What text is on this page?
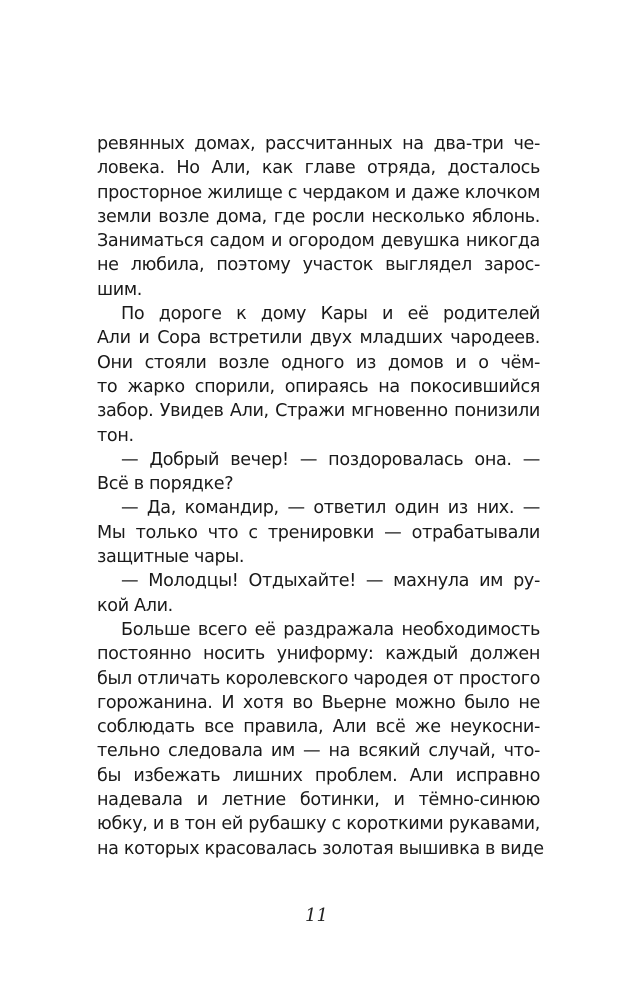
ревянных домах, рассчитанных на два-три че-
ловека. Но Али, как главе отряда, досталось
просторное жилище с чердаком и даже клочком
земли возле дома, где росли несколько яблонь.
Заниматься садом и огородом девушка никогда
не любила, поэтому участок выглядел зарос-
шим.

По дороге к дому Кары и её родителей
Али и Сора встретили двух младших чародеев.
Они стояли возле одного из домов и о чём-
то жарко спорили, опираясь на покосившийся
забор. Увидев Али, Стражи мгновенно понизили
тон.

— Добрый вечер! — поздоровалась она. —
Всё в порядке?

— Да, командир, — ответил один из них. —
Мы только что с тренировки — отрабатывали
защитные чары.

— Молодцы! Отдыхайте! — махнула им ру-
кой Али.

Больше всего её раздражала необходимость
постоянно носить униформу: каждый должен
был отличать королевского чародея от простого
горожанина. И хотя во Вьерне можно было не
соблюдать все правила, Али всё же неукосни-
тельно следовала им — на всякий случай, что-
бы избежать лишних проблем. Али исправно
надевала и летние ботинки, и тёмно-синюю
юбку, и в тон ей рубашку с короткими рукавами,
на которых красовалась золотая вышивка в виде

11
